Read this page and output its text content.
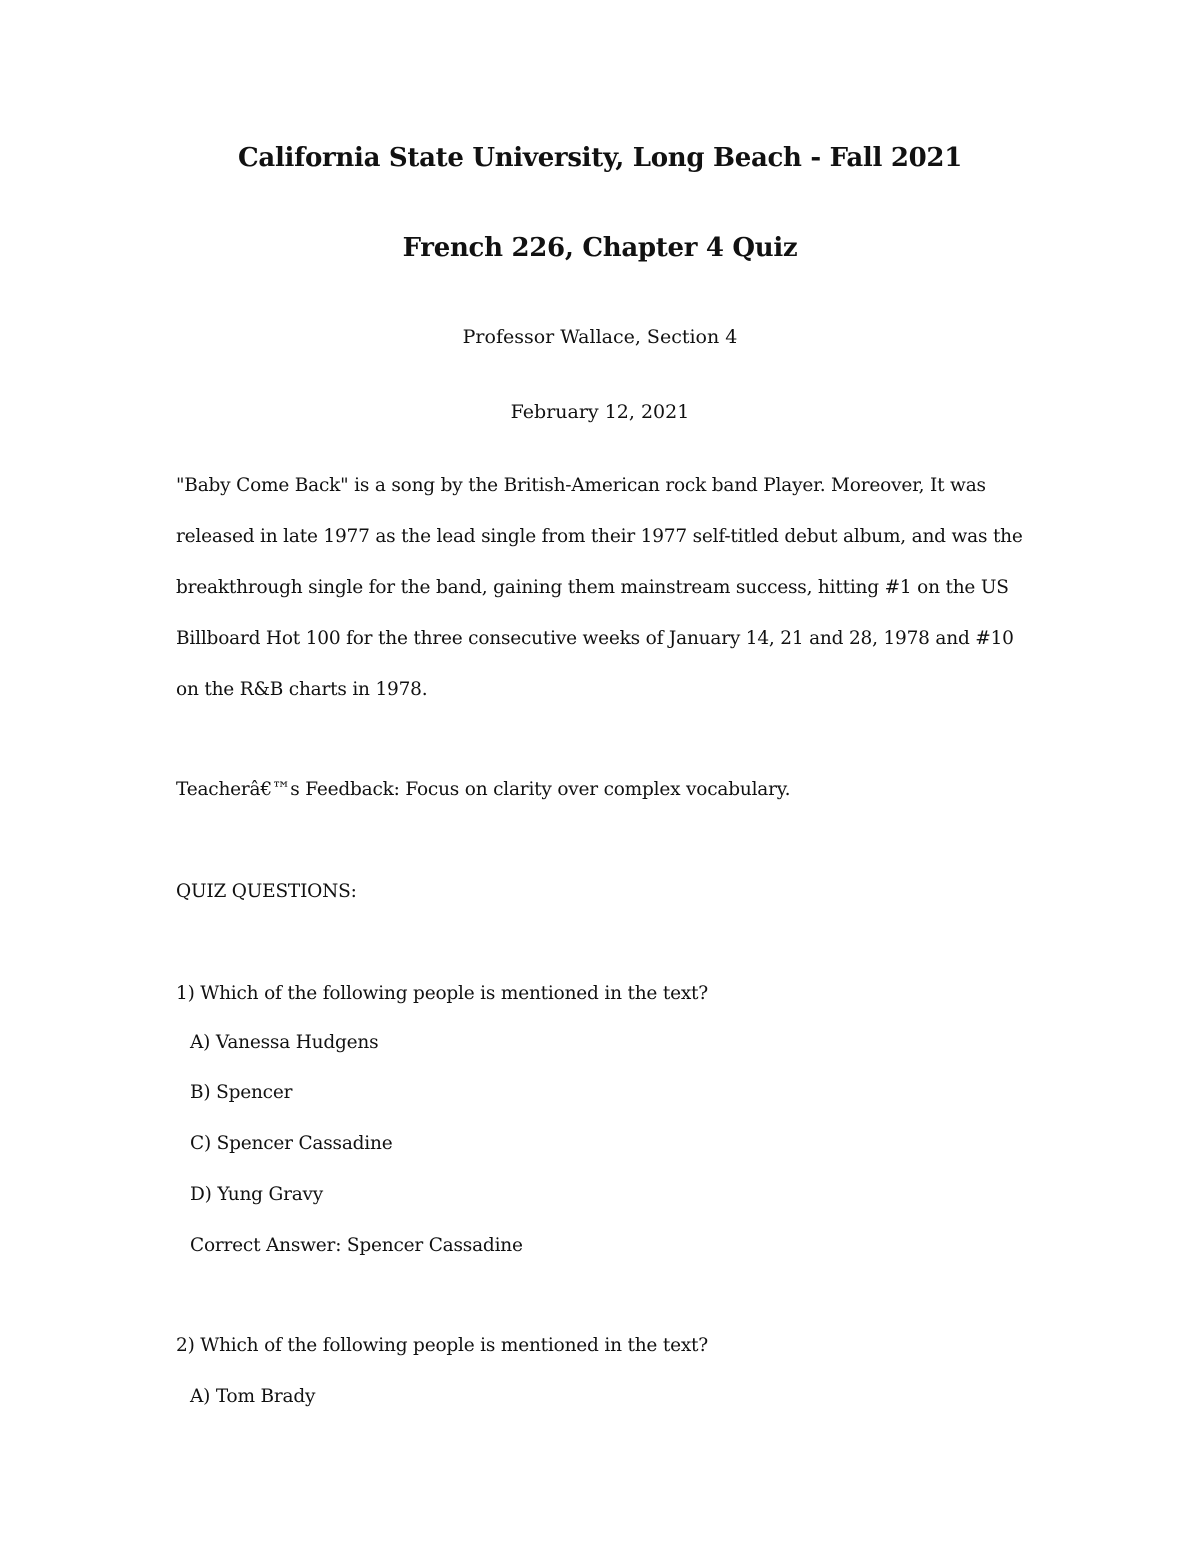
California State University, Long Beach - Fall 2021
French 226, Chapter 4 Quiz
Professor Wallace, Section 4
February 12, 2021
"Baby Come Back" is a song by the British-American rock band Player. Moreover, It was
released in late 1977 as the lead single from their 1977 self-titled debut album, and was the
breakthrough single for the band, gaining them mainstream success, hitting #1 on the US
Billboard Hot 100 for the three consecutive weeks of January 14, 21 and 28, 1978 and #10
on the R&B charts in 1978.
Teacherâ€™s Feedback: Focus on clarity over complex vocabulary.
QUIZ QUESTIONS:
1) Which of the following people is mentioned in the text?
A) Vanessa Hudgens
B) Spencer
C) Spencer Cassadine
D) Yung Gravy
Correct Answer: Spencer Cassadine
2) Which of the following people is mentioned in the text?
A) Tom Brady
